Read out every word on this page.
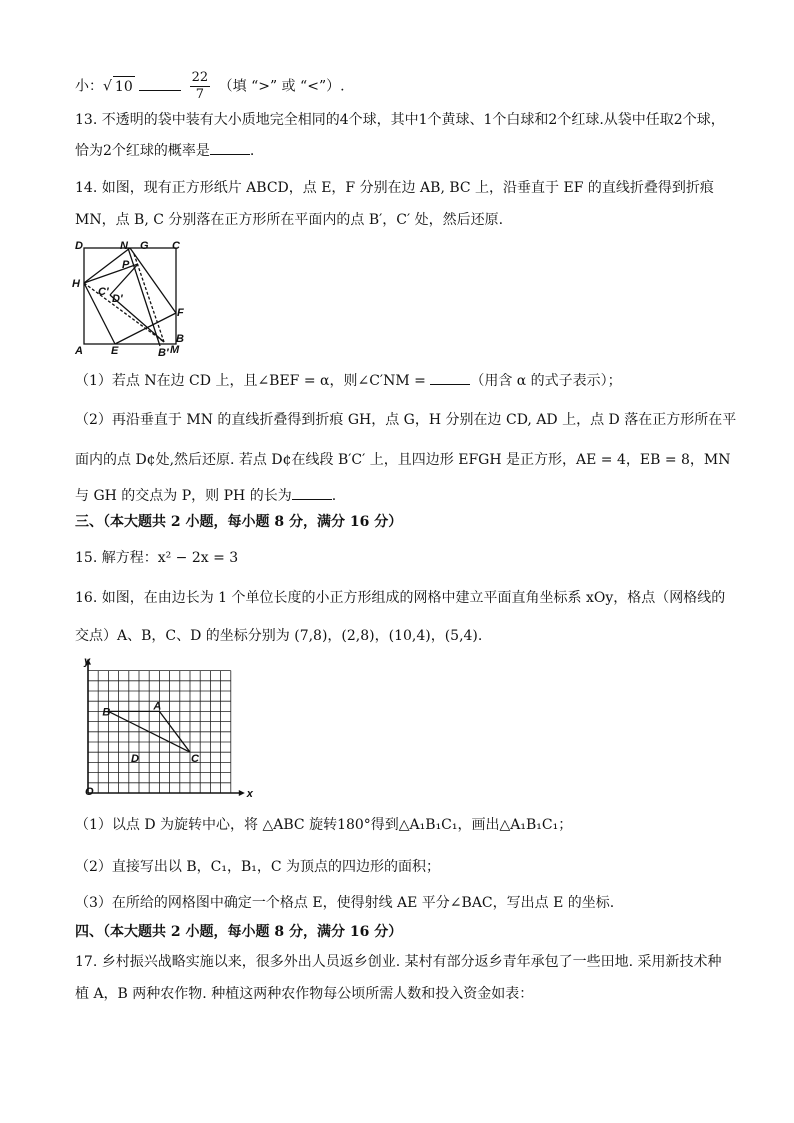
小：√ 10	$\frac{22}{7}$ （填 “>” 或 “<”）.
13. 不透明的袋中装有大小质地完全相同的4个球，其中1个黄球、1个白球和2个红球.从袋中任取2个球，
恰为2个红球的概率是	.
14. 如图，现有正方形纸片 ABCD，点 E，F 分别在边 AB, BC 上，沿垂直于 EF 的直线折叠得到折痕
MN，点 B, C 分别落在正方形所在平面内的点 B′，C′ 处，然后还原.
D	N G C
P
H
C′
D′
F
A	E	B′ M
B
（1）若点 N在边 CD 上，且∠BEF = α，则∠C′NM =	（用含 α 的式子表示）；
（2）再沿垂直于 MN 的直线折叠得到折痕 GH，点 G，H 分别在边 CD, AD 上，点 D 落在正方形所在平
面内的点 D¢处,然后还原. 若点 D¢在线段 B′C′ 上，且四边形 EFGH 是正方形，AE = 4，EB = 8，MN
与 GH 的交点为 P，则 PH 的长为	.
三、（本大题共 2 小题，每小题 8 分，满分 16 分）
15. 解方程：x² − 2x = 3
16. 如图，在由边长为 1 个单位长度的小正方形组成的网格中建立平面直角坐标系 xOy，格点（网格线的
交点）A、B，C、D 的坐标分别为 (7,8)，(2,8)，(10,4)，(5,4).
y
x
O
A
B
C
D
（1）以点 D 为旋转中心，将 △ABC 旋转180°得到△A₁B₁C₁，画出△A₁B₁C₁；
（2）直接写出以 B，C₁，B₁，C 为顶点的四边形的面积；
（3）在所给的网格图中确定一个格点 E，使得射线 AE 平分∠BAC，写出点 E 的坐标.
四、（本大题共 2 小题，每小题 8 分，满分 16 分）
17. 乡村振兴战略实施以来，很多外出人员返乡创业. 某村有部分返乡青年承包了一些田地. 采用新技术种
植 A，B 两种农作物. 种植这两种农作物每公顷所需人数和投入资金如表：
